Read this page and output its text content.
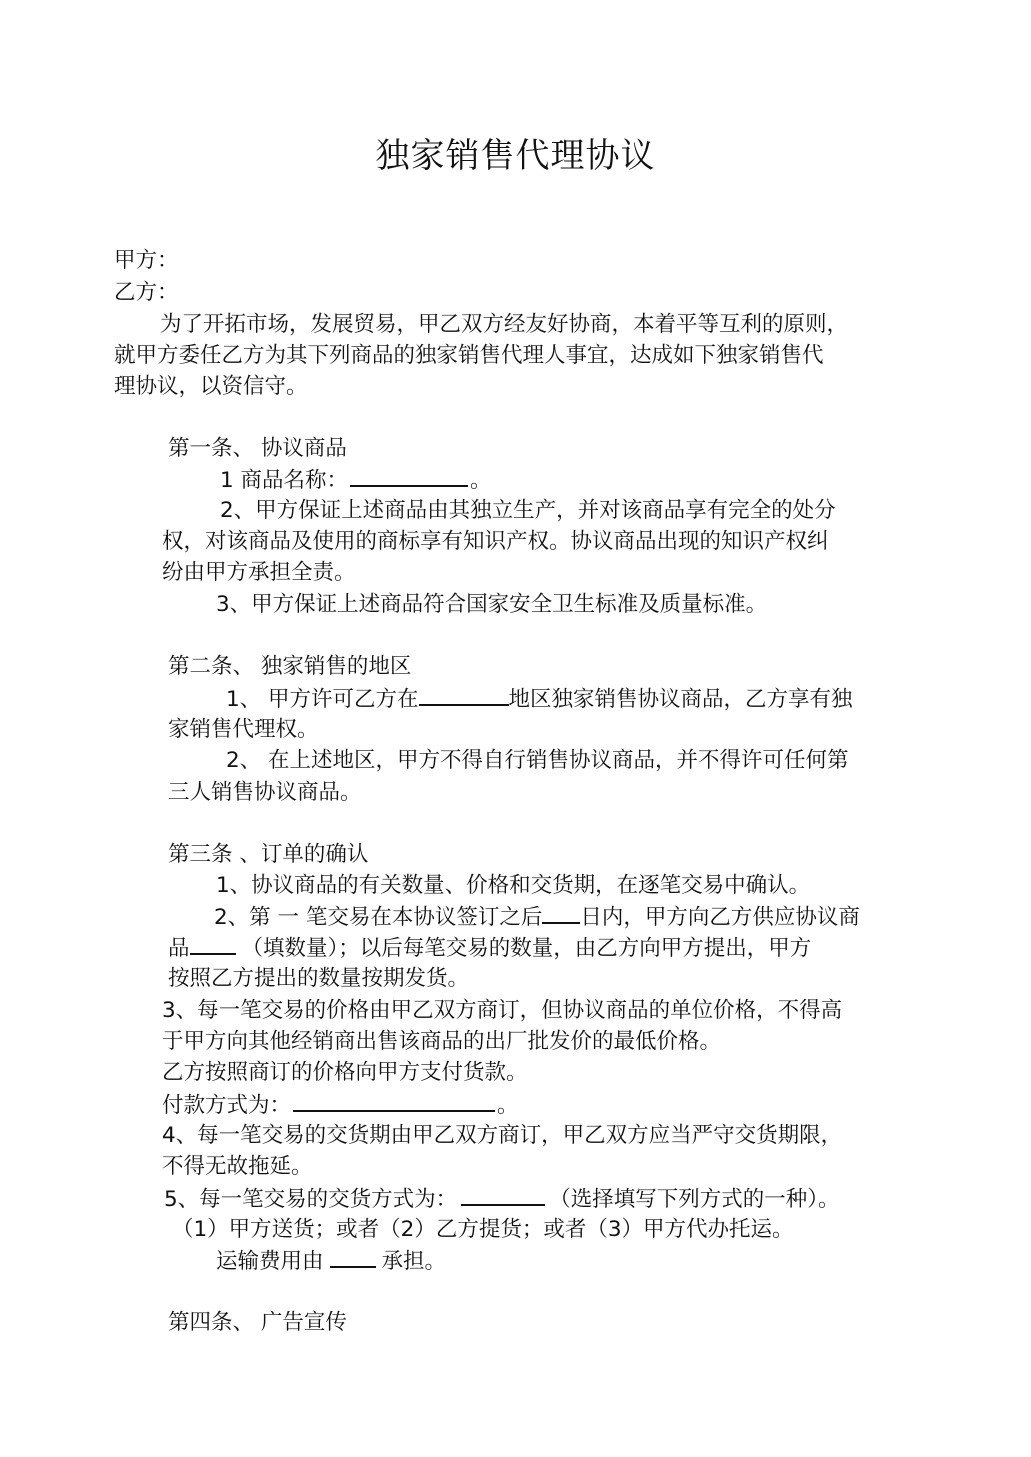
独家销售代理协议
甲方：
乙方：
为了开拓市场，发展贸易，甲乙双方经友好协商，本着平等互利的原则，
就甲方委任乙方为其下列商品的独家销售代理人事宜，达成如下独家销售代
理协议，以资信守。
第一条、 协议商品
1 商品名称：	。
2、甲方保证上述商品由其独立生产，并对该商品享有完全的处分
权，对该商品及使用的商标享有知识产权。协议商品出现的知识产权纠
纷由甲方承担全责。
3、甲方保证上述商品符合国家安全卫生标准及质量标准。
第二条、 独家销售的地区
1、 甲方许可乙方在	地区独家销售协议商品，乙方享有独
家销售代理权。
2、 在上述地区，甲方不得自行销售协议商品，并不得许可任何第
三人销售协议商品。
第三条 、订单的确认
1、协议商品的有关数量、价格和交货期，在逐笔交易中确认。
2、第 一 笔交易在本协议签订之后 日内，甲方向乙方供应协议商
品 （填数量）；以后每笔交易的数量，由乙方向甲方提出，甲方
按照乙方提出的数量按期发货。
3、每一笔交易的价格由甲乙双方商订，但协议商品的单位价格，不得高
于甲方向其他经销商出售该商品的出厂批发价的最低价格。
乙方按照商订的价格向甲方支付货款。
付款方式为：	。
4、每一笔交易的交货期由甲乙双方商订，甲乙双方应当严守交货期限，
不得无故拖延。
5、每一笔交易的交货方式为：	（选择填写下列方式的一种）。
（1）甲方送货；或者（2）乙方提货；或者（3）甲方代办托运。
运输费用由	承担。
第四条、 广告宣传
